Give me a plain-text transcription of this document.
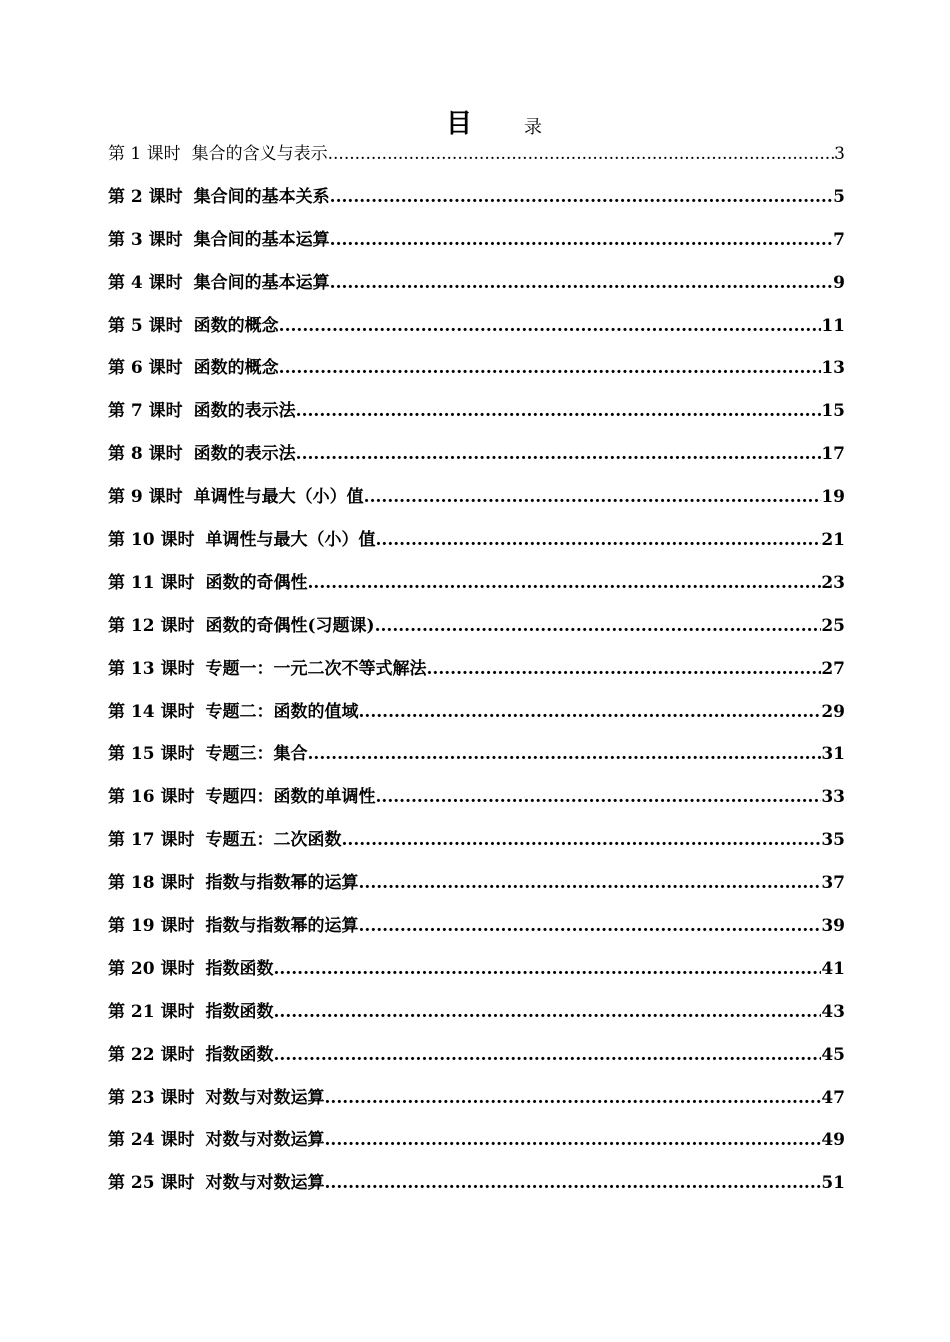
目	录
第 1 课时 集合的含义与表示 .....	3
第 2 课时 集合间的基本关系 .....	5
第 3 课时 集合间的基本运算 .....	7
第 4 课时 集合间的基本运算 .....	9
第 5 课时 函数的概念 .....	11
第 6 课时 函数的概念 .....	13
第 7 课时 函数的表示法 .....	15
第 8 课时 函数的表示法 .....	17
第 9 课时 单调性与最大（小）值 .....	19
第 10 课时 单调性与最大（小）值 .....	21
第 11 课时 函数的奇偶性 .....	23
第 12 课时 函数的奇偶性(习题课) .....	25
第 13 课时 专题一：一元二次不等式解法 .....	27
第 14 课时 专题二：函数的值域 .....	29
第 15 课时 专题三：集合 .....	31
第 16 课时 专题四：函数的单调性 .....	33
第 17 课时 专题五：二次函数 .....	35
第 18 课时 指数与指数幂的运算 .....	37
第 19 课时 指数与指数幂的运算 .....	39
第 20 课时 指数函数 .....	41
第 21 课时 指数函数 .....	43
第 22 课时 指数函数 .....	45
第 23 课时 对数与对数运算 .....	47
第 24 课时 对数与对数运算 .....	49
第 25 课时 对数与对数运算 .....	51
